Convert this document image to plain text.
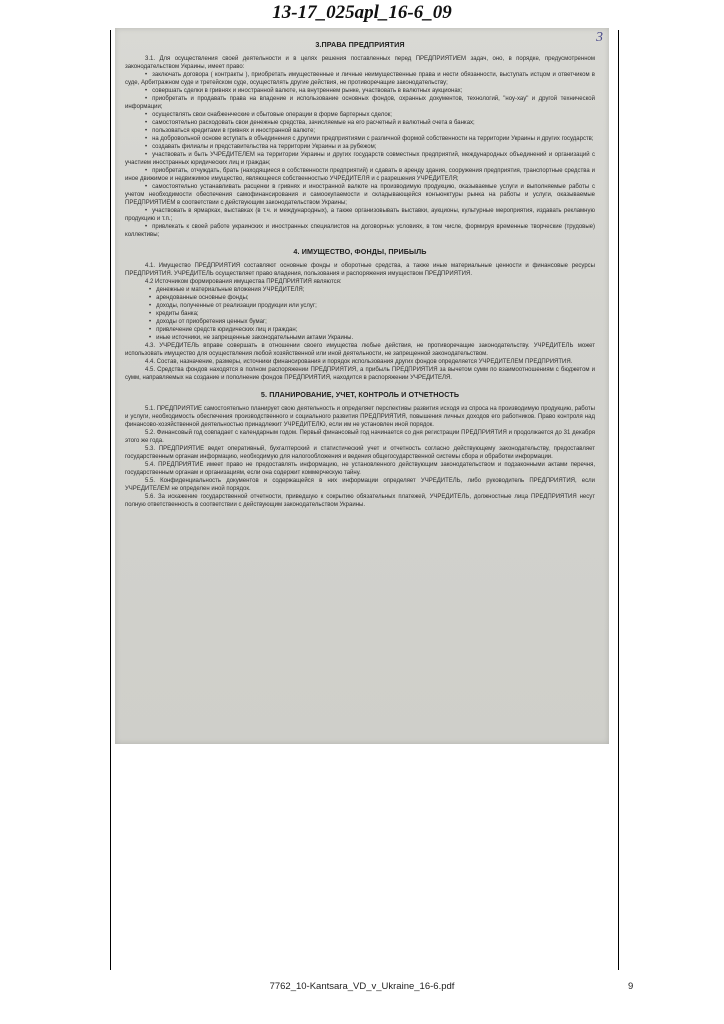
13-17_025apl_16-6_09
3
3.ПРАВА ПРЕДПРИЯТИЯ

3.1. Для осуществления своей деятельности и в целях решения поставленных перед ПРЕДПРИЯТИЕМ задач, оно, в порядке, предусмотренном законодательством Украины, имеет право:

• заключать договора ( контракты ), приобретать имущественные и личные неимущественные права и нести обязанности, выступать истцом и ответчиком в суде, Арбитражном суде и третейском суде, осуществлять другие действия, не противоречащие законодательству;

• совершать сделки в гривнях и иностранной валюте, на внутреннем рынке, участвовать в валютных аукционах;

• приобретать и продавать права на владение и использование основных фондов, охранных документов, технологий, "ноу-хау" и другой технической информации;

• осуществлять свои снабженческие и сбытовые операции в форме бартерных сделок;

• самостоятельно расходовать свои денежные средства, зачисляемые на его расчетный и валютный счета в банках;

• пользоваться кредитами в гривнях и иностранной валюте;

• на добровольной основе вступать в объединения с другими предприятиями с различной формой собственности на территории Украины и других государств;

• создавать филиалы и представительства на территории Украины и за рубежом;

• участвовать и быть УЧРЕДИТЕЛЕМ на территории Украины и других государств совместных предприятий, международных объединений и организаций с участием иностранных юридических лиц и граждан;

• приобретать, отчуждать, брать (находящиеся в собственности предприятий) и сдавать в аренду здания, сооружения предприятия, транспортные средства и иное движимое и недвижимое имущество, являющееся собственностью УЧРЕДИТЕЛЯ и с разрешения УЧРЕДИТЕЛЯ;

• самостоятельно устанавливать расценки в гривнях и иностранной валюте на производимую продукцию, оказываемые услуги и выполняемые работы с учетом необходимости обеспечения самофинансирования и самоокупаемости и складывающейся конъюнктуры рынка на работы и услуги, оказываемые ПРЕДПРИЯТИЕМ в соответствии с действующим законодательством Украины;

• участвовать в ярмарках, выставках (в т.ч. и международных), а также организовывать выставки, аукционы, культурные мероприятия, издавать рекламную продукцию и т.п.;

• привлекать к своей работе украинских и иностранных специалистов на договорных условиях, в том числе, формируя временные творческие (трудовые) коллективы;

4. ИМУЩЕСТВО, ФОНДЫ, ПРИБЫЛЬ

4.1. Имущество ПРЕДПРИЯТИЯ составляют основные фонды и оборотные средства, а также иные материальные ценности и финансовые ресурсы ПРЕДПРИЯТИЯ. УЧРЕДИТЕЛЬ осуществляет право владения, пользования и распоряжения имуществом ПРЕДПРИЯТИЯ.

4.2 Источником формирования имущества ПРЕДПРИЯТИЯ являются:

• денежные и материальные вложения УЧРЕДИТЕЛЯ;

• арендованные основные фонды;

• доходы, полученные от реализации продукции или услуг;

• кредиты банка;

• доходы от приобретения ценных бумаг;

• привлечение средств юридических лиц и граждан;

• иные источники, не запрещенные законодательными актами Украины.

4.3. УЧРЕДИТЕЛЬ вправе совершать в отношении своего имущества любые действия, не противоречащие законодательству. УЧРЕДИТЕЛЬ может использовать имущество для осуществления любой хозяйственной или иной деятельности, не запрещенной законодательством.

4.4. Состав, назначение, размеры, источники финансирования и порядок использования других фондов определяется УЧРЕДИТЕЛЕМ ПРЕДПРИЯТИЯ.

4.5. Средства фондов находятся в полном распоряжении ПРЕДПРИЯТИЯ, а прибыль ПРЕДПРИЯТИЯ за вычетом сумм по взаимоотношениям с бюджетом и сумм, направляемых на создание и пополнение фондов ПРЕДПРИЯТИЯ, находится в распоряжении УЧРЕДИТЕЛЯ.

5. ПЛАНИРОВАНИЕ, УЧЕТ, КОНТРОЛЬ И ОТЧЕТНОСТЬ

5.1. ПРЕДПРИЯТИЕ самостоятельно планирует свою деятельность и определяет перспективы развития исходя из спроса на производимую продукцию, работы и услуги, необходимость обеспечения производственного и социального развития ПРЕДПРИЯТИЯ, повышения личных доходов его работников. Право контроля над финансово-хозяйственной деятельностью принадлежит УЧРЕДИТЕЛЮ, если им не установлен иной порядок.

5.2. Финансовый год совпадает с календарным годом. Первый финансовый год начинается со дня регистрации ПРЕДПРИЯТИЯ и продолжается до 31 декабря этого же года.

5.3. ПРЕДПРИЯТИЕ ведет оперативный, бухгалтерский и статистический учет и отчетность согласно действующему законодательству, предоставляет государственным органам информацию, необходимую для налогообложения и ведения общегосударственной системы сбора и обработки информации.

5.4. ПРЕДПРИЯТИЕ имеет право не предоставлять информацию, не установленного действующим законодательством и подзаконными актами перечня, государственным органам и организациям, если она содержит коммерческую тайну.

5.5. Конфиденциальность документов и содержащейся в них информации определяет УЧРЕДИТЕЛЬ, либо руководитель ПРЕДПРИЯТИЯ, если УЧРЕДИТЕЛЕМ не определен иной порядок.

5.6. За искажение государственной отчетности, приведшую к сокрытию обязательных платежей, УЧРЕДИТЕЛЬ, должностные лица ПРЕДПРИЯТИЯ несут полную ответственность в соответствии с действующим законодательством Украины.

7762_10-Kantsara_VD_v_Ukraine_16-6.pdf	9
